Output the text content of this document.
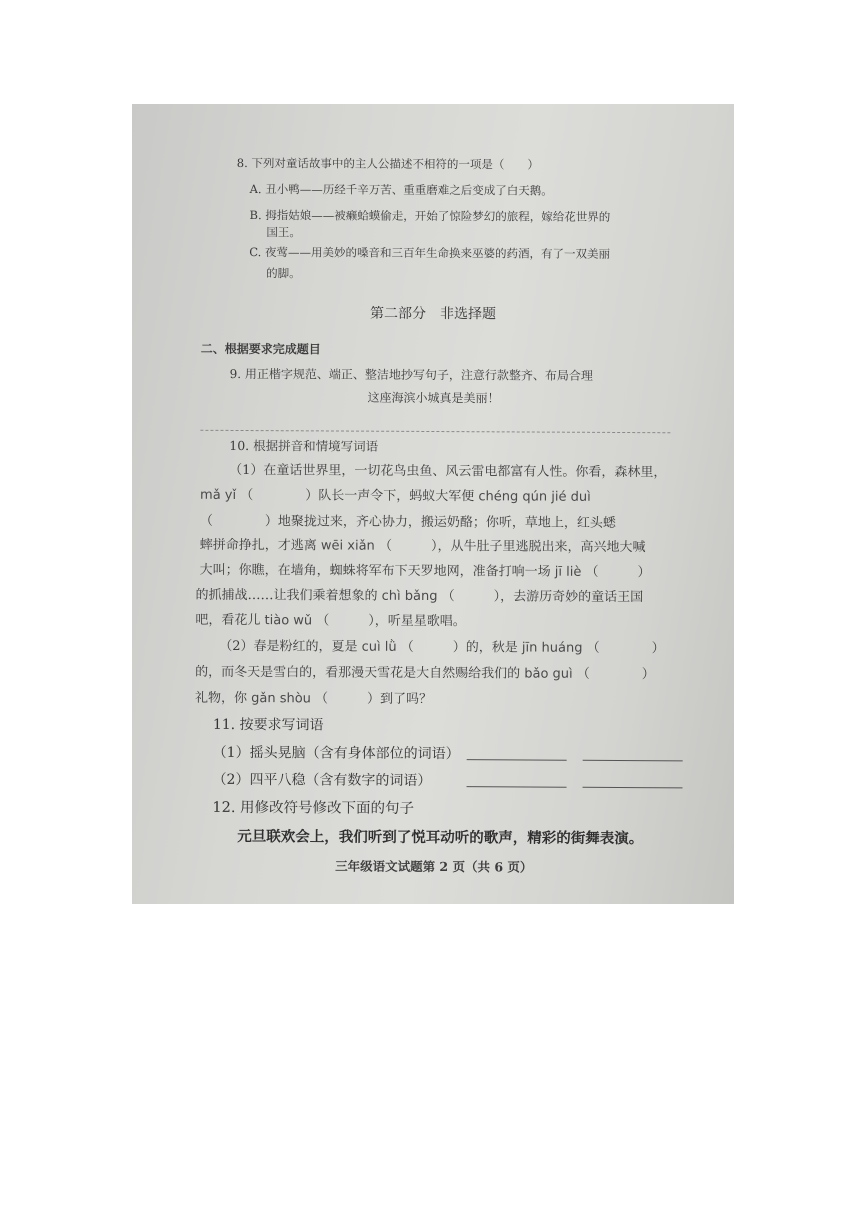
8. 下列对童话故事中的主人公描述不相符的一项是（　　）
A. 丑小鸭——历经千辛万苦、重重磨难之后变成了白天鹅。
B. 拇指姑娘——被癞蛤蟆偷走，开始了惊险梦幻的旅程，嫁给花世界的
国王。
C. 夜莺——用美妙的嗓音和三百年生命换来巫婆的药酒，有了一双美丽
的脚。
第二部分　非选择题
二、根据要求完成题目
9. 用正楷字规范、端正、整洁地抄写句子，注意行款整齐、布局合理
这座海滨小城真是美丽！
10. 根据拼音和情境写词语
（1）在童话世界里，一切花鸟虫鱼、风云雷电都富有人性。你看，森林里，
mǎ yǐ （　　　　）队长一声令下，蚂蚁大军便 chéng qún jié duì
（　　　　）地聚拢过来，齐心协力，搬运奶酪；你听，草地上，红头蟋
蟀拼命挣扎，才逃离 wēi xiǎn （　　　），从牛肚子里逃脱出来，高兴地大喊
大叫；你瞧，在墙角，蜘蛛将军布下天罗地网，准备打响一场 jī liè （　　　）
的抓捕战……让我们乘着想象的 chì bǎng （　　　），去游历奇妙的童话王国
吧，看花儿 tiào wǔ （　　　），听星星歌唱。
（2）春是粉红的，夏是 cuì lǜ （　　　）的，秋是 jīn huáng （　　　　）
的，而冬天是雪白的，看那漫天雪花是大自然赐给我们的 bǎo guì （　　　　）
礼物，你 gǎn shòu （　　　）到了吗？
11. 按要求写词语
（1）摇头晃脑（含有身体部位的词语）
（2）四平八稳（含有数字的词语）
12. 用修改符号修改下面的句子
元旦联欢会上，我们听到了悦耳动听的歌声，精彩的街舞表演。
三年级语文试题第 2 页（共 6 页）
